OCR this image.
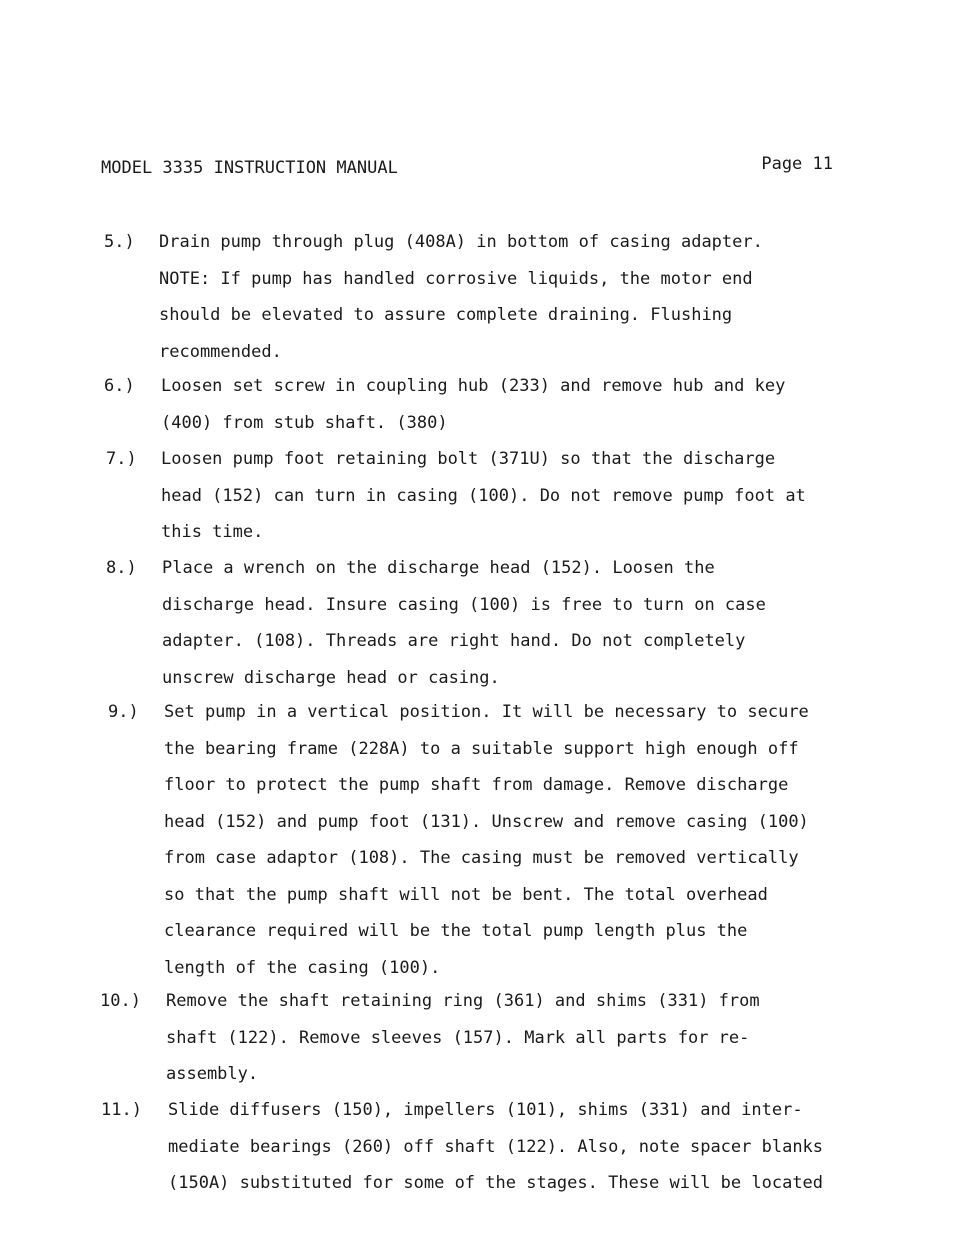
MODEL 3335 INSTRUCTION MANUAL	Page 11
5.) Drain pump through plug (408A) in bottom of casing adapter.
NOTE: If pump has handled corrosive liquids, the motor end
should be elevated to assure complete draining. Flushing
recommended.
6.) Loosen set screw in coupling hub (233) and remove hub and key
(400) from stub shaft. (380)
7.) Loosen pump foot retaining bolt (371U) so that the discharge
head (152) can turn in casing (100). Do not remove pump foot at
this time.
8.) Place a wrench on the discharge head (152). Loosen the
discharge head. Insure casing (100) is free to turn on case
adapter. (108). Threads are right hand. Do not completely
unscrew discharge head or casing.
9.) Set pump in a vertical position. It will be necessary to secure
the bearing frame (228A) to a suitable support high enough off
floor to protect the pump shaft from damage. Remove discharge
head (152) and pump foot (131). Unscrew and remove casing (100)
from case adaptor (108). The casing must be removed vertically
so that the pump shaft will not be bent. The total overhead
clearance required will be the total pump length plus the
length of the casing (100).
10.) Remove the shaft retaining ring (361) and shims (331) from
shaft (122). Remove sleeves (157). Mark all parts for re-
assembly.
11.) Slide diffusers (150), impellers (101), shims (331) and inter-
mediate bearings (260) off shaft (122). Also, note spacer blanks
(150A) substituted for some of the stages. These will be located
